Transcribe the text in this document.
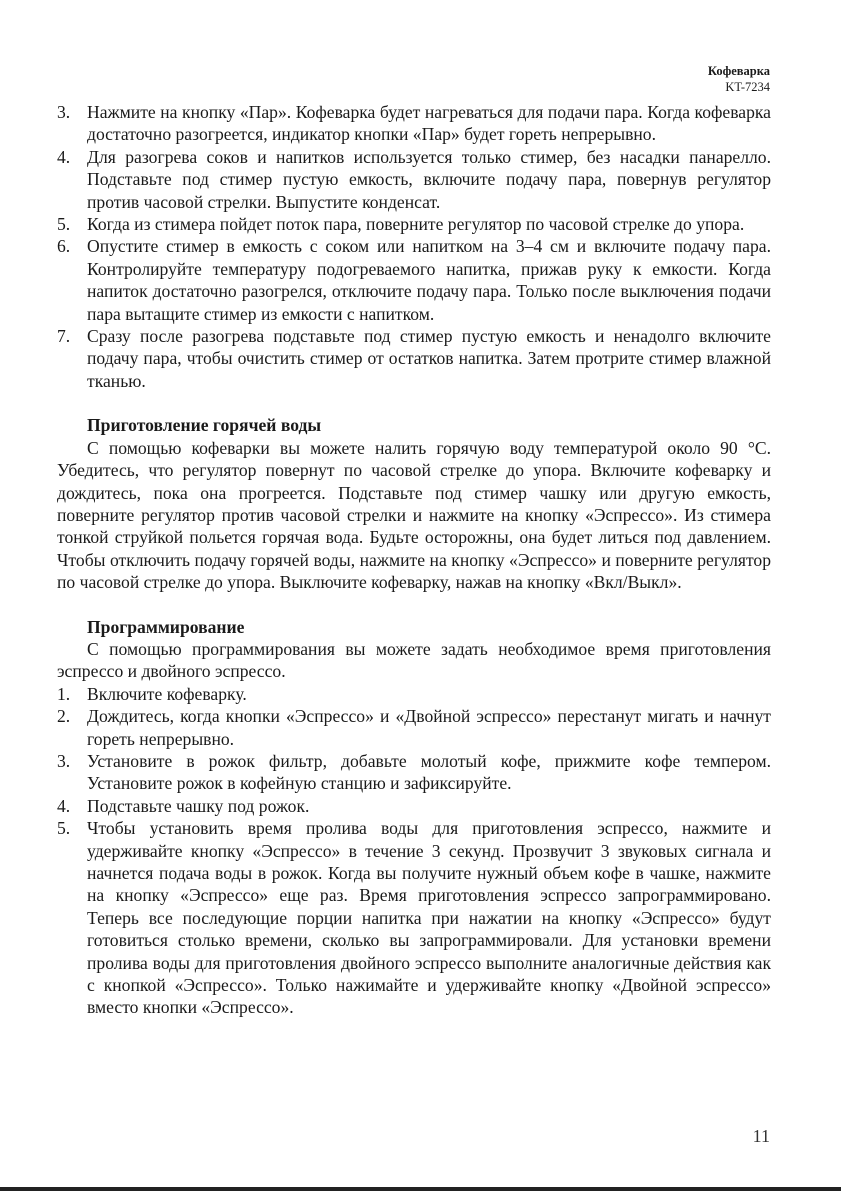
Кофеварка
KT-7234
3. Нажмите на кнопку «Пар». Кофеварка будет нагреваться для подачи пара. Когда кофеварка достаточно разогреется, индикатор кнопки «Пар» будет гореть непрерывно.
4. Для разогрева соков и напитков используется только стимер, без насадки панарелло. Подставьте под стимер пустую емкость, включите подачу пара, повернув регулятор против часовой стрелки. Выпустите конденсат.
5. Когда из стимера пойдет поток пара, поверните регулятор по часовой стрелке до упора.
6. Опустите стимер в емкость с соком или напитком на 3–4 см и включите подачу пара. Контролируйте температуру подогреваемого напитка, прижав руку к емкости. Когда напиток достаточно разогрелся, отключите подачу пара. Только после выключения подачи пара вытащите стимер из емкости с напитком.
7. Сразу после разогрева подставьте под стимер пустую емкость и ненадолго включите подачу пара, чтобы очистить стимер от остатков напитка. Затем протрите стимер влажной тканью.
Приготовление горячей воды

С помощью кофеварки вы можете налить горячую воду температурой около 90 °C. Убедитесь, что регулятор повернут по часовой стрелке до упора. Включите кофеварку и дождитесь, пока она прогреется. Подставьте под стимер чашку или другую емкость, поверните регулятор против часовой стрелки и нажмите на кнопку «Эспрессо». Из стимера тонкой струйкой польется горячая вода. Будьте осторожны, она будет литься под давлением. Чтобы отключить подачу горячей воды, нажмите на кнопку «Эспрессо» и поверните регулятор по часовой стрелке до упора. Выключите кофеварку, нажав на кнопку «Вкл/Выкл».

Программирование

С помощью программирования вы можете задать необходимое время приготовления эспрессо и двойного эспрессо.

1. Включите кофеварку.
2. Дождитесь, когда кнопки «Эспрессо» и «Двойной эспрессо» перестанут мигать и начнут гореть непрерывно.
3. Установите в рожок фильтр, добавьте молотый кофе, прижмите кофе темпером. Установите рожок в кофейную станцию и зафиксируйте.
4. Подставьте чашку под рожок.
5. Чтобы установить время пролива воды для приготовления эспрессо, нажмите и удерживайте кнопку «Эспрессо» в течение 3 секунд. Прозвучит 3 звуковых сигнала и начнется подача воды в рожок. Когда вы получите нужный объем кофе в чашке, нажмите на кнопку «Эспрессо» еще раз. Время приготовления эспрессо запрограммировано. Теперь все последующие порции напитка при нажатии на кнопку «Эспрессо» будут готовиться столько времени, сколько вы запрограммировали. Для установки времени пролива воды для приготовления двойного эспрессо выполните аналогичные действия как с кнопкой «Эспрессо». Только нажимайте и удерживайте кнопку «Двойной эспрессо» вместо кнопки «Эспрессо».
11
